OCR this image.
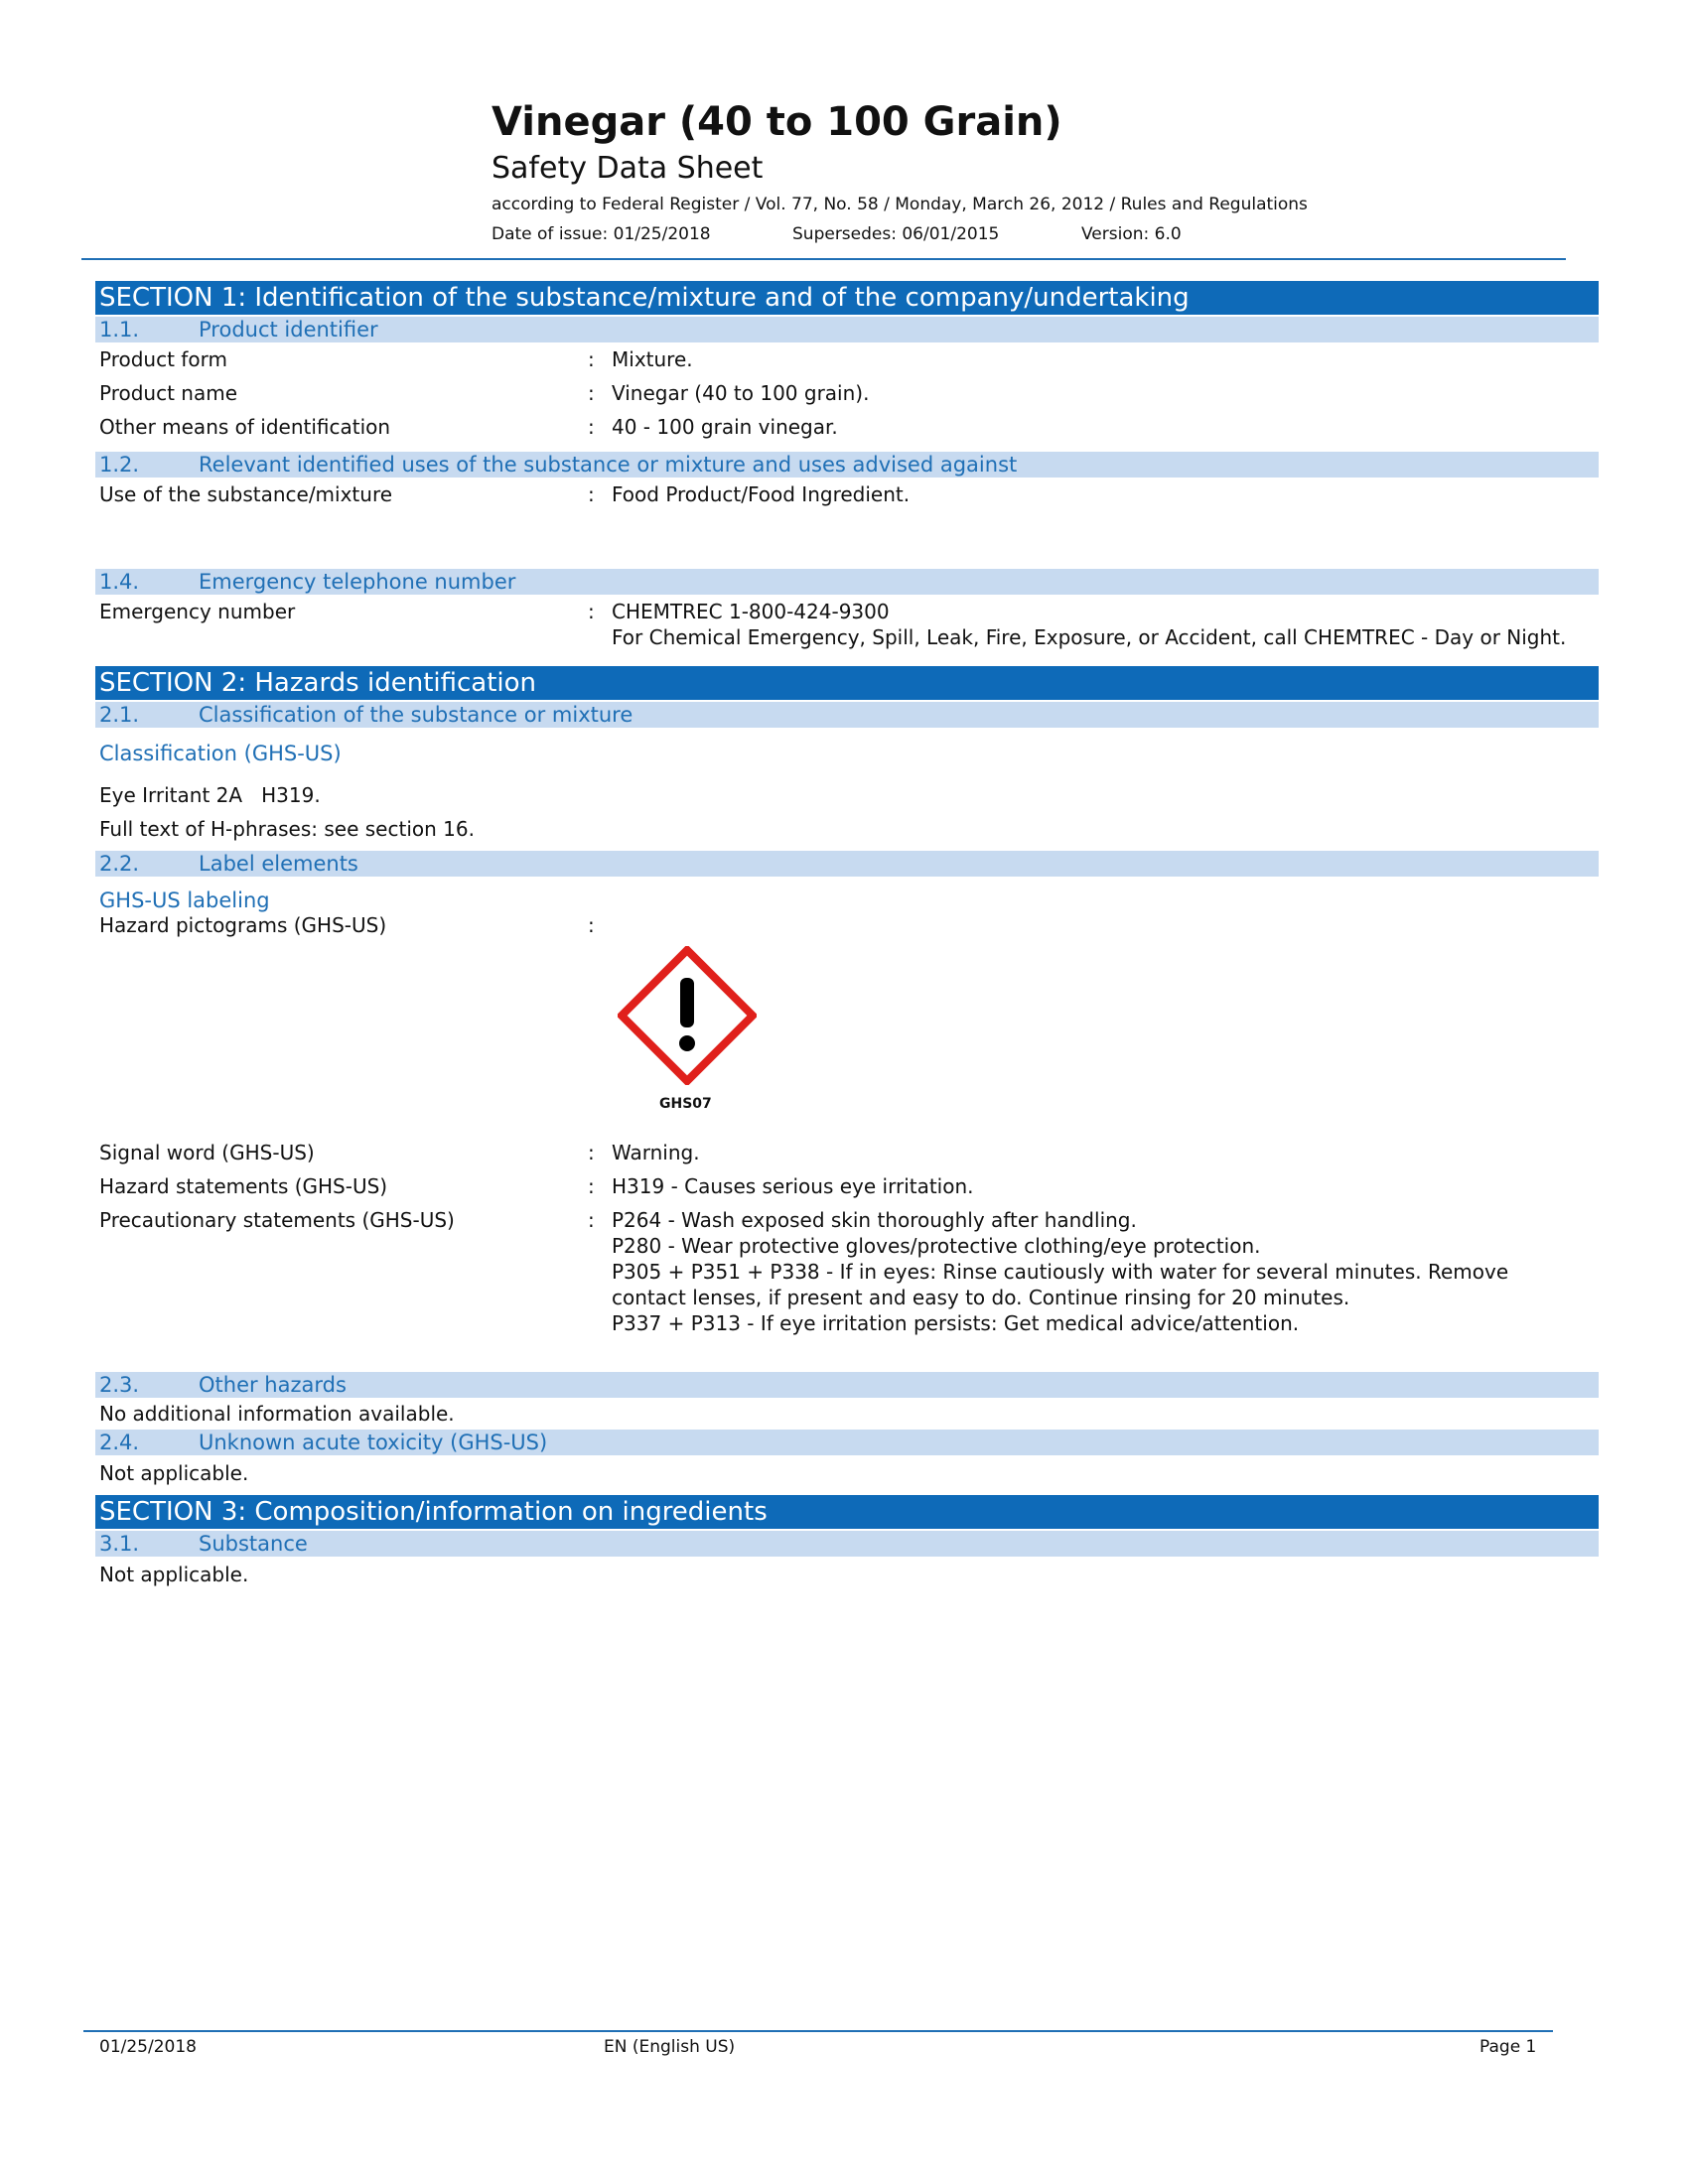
Vinegar (40 to 100 Grain)
Safety Data Sheet
according to Federal Register / Vol. 77, No. 58 / Monday, March 26, 2012 / Rules and Regulations
Date of issue: 01/25/2018	Supersedes: 06/01/2015	Version: 6.0
SECTION 1: Identification of the substance/mixture and of the company/undertaking
1.1.	Product identifier
Product form	: Mixture.
Product name	: Vinegar (40 to 100 grain).
Other means of identification	: 40 - 100 grain vinegar.
1.2.	Relevant identified uses of the substance or mixture and uses advised against
Use of the substance/mixture	: Food Product/Food Ingredient.
1.4.	Emergency telephone number
Emergency number	: CHEMTREC 1-800-424-9300
For Chemical Emergency, Spill, Leak, Fire, Exposure, or Accident, call CHEMTREC - Day or Night.
SECTION 2: Hazards identification
2.1.	Classification of the substance or mixture
Classification (GHS-US)
Eye Irritant 2A   H319.
Full text of H-phrases: see section 16.
2.2.	Label elements
GHS-US labeling
Hazard pictograms (GHS-US)	:
GHS07
Signal word (GHS-US)	: Warning.
Hazard statements (GHS-US)	: H319 - Causes serious eye irritation.
Precautionary statements (GHS-US)	: P264 - Wash exposed skin thoroughly after handling.
P280 - Wear protective gloves/protective clothing/eye protection.
P305 + P351 + P338 - If in eyes: Rinse cautiously with water for several minutes. Remove
contact lenses, if present and easy to do. Continue rinsing for 20 minutes.
P337 + P313 - If eye irritation persists: Get medical advice/attention.
2.3.	Other hazards
No additional information available.
2.4.	Unknown acute toxicity (GHS-US)
Not applicable.
SECTION 3: Composition/information on ingredients
3.1.	Substance
Not applicable.
01/25/2018	EN (English US)	Page 1
